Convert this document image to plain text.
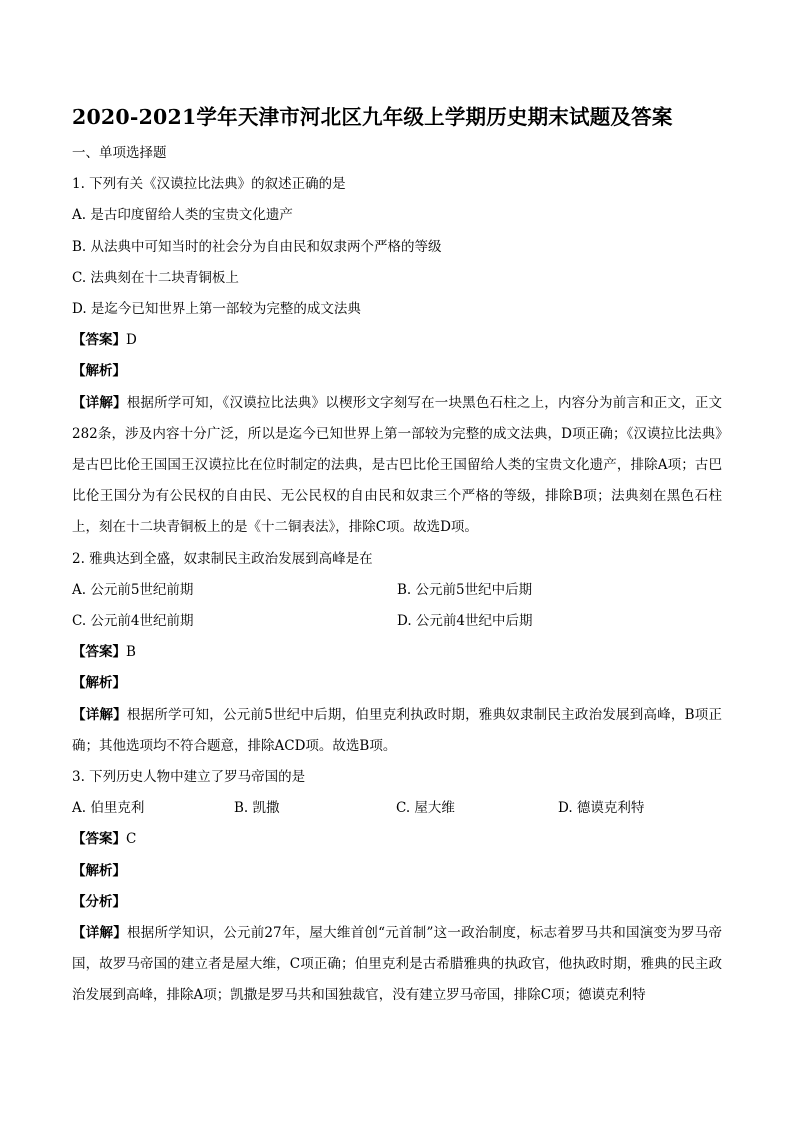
2020-2021学年天津市河北区九年级上学期历史期末试题及答案
一、单项选择题
1. 下列有关《汉谟拉比法典》的叙述正确的是
A. 是古印度留给人类的宝贵文化遗产
B. 从法典中可知当时的社会分为自由民和奴隶两个严格的等级
C. 法典刻在十二块青铜板上
D. 是迄今已知世界上第一部较为完整的成文法典
【答案】D
【解析】
【详解】根据所学可知，《汉谟拉比法典》以楔形文字刻写在一块黑色石柱之上，内容分为前言和正文，正文282条，涉及内容十分广泛，所以是迄今已知世界上第一部较为完整的成文法典，D项正确；《汉谟拉比法典》是古巴比伦王国国王汉谟拉比在位时制定的法典，是古巴比伦王国留给人类的宝贵文化遗产，排除A项；古巴比伦王国分为有公民权的自由民、无公民权的自由民和奴隶三个严格的等级，排除B项；法典刻在黑色石柱上，刻在十二块青铜板上的是《十二铜表法》，排除C项。故选D项。
2. 雅典达到全盛，奴隶制民主政治发展到高峰是在
A. 公元前5世纪前期	B. 公元前5世纪中后期
C. 公元前4世纪前期	D. 公元前4世纪中后期
【答案】B
【解析】
【详解】根据所学可知，公元前5世纪中后期，伯里克利执政时期，雅典奴隶制民主政治发展到高峰，B项正确；其他选项均不符合题意，排除ACD项。故选B项。
3. 下列历史人物中建立了罗马帝国的是
A. 伯里克利	B. 凯撒	C. 屋大维	D. 德谟克利特
【答案】C
【解析】
【分析】
【详解】根据所学知识，公元前27年，屋大维首创“元首制”这一政治制度，标志着罗马共和国演变为罗马帝国，故罗马帝国的建立者是屋大维，C项正确；伯里克利是古希腊雅典的执政官，他执政时期，雅典的民主政治发展到高峰，排除A项；凯撒是罗马共和国独裁官，没有建立罗马帝国，排除C项；德谟克利特
